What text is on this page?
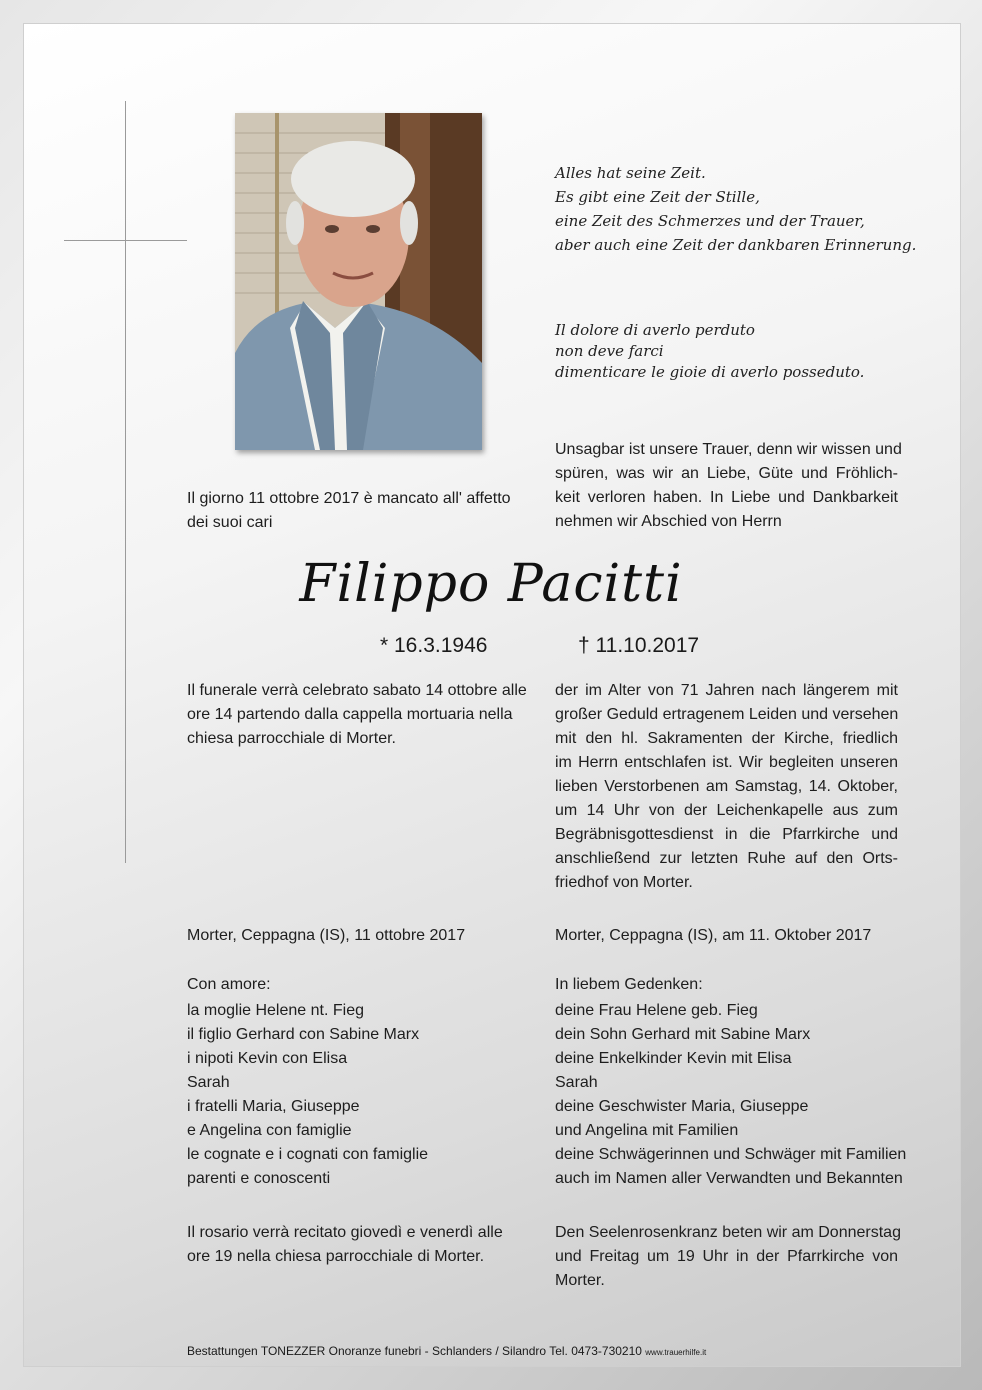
Alles hat seine Zeit.
Es gibt eine Zeit der Stille,
eine Zeit des Schmerzes und der Trauer,
aber auch eine Zeit der dankbaren Erinnerung.
Il dolore di averlo perduto
non deve farci
dimenticare le gioie di averlo posseduto.
Unsagbar ist unsere Trauer, denn wir wissen und
spüren, was wir an Liebe, Güte und Fröhlich-
keit verloren haben. In Liebe und Dankbarkeit
nehmen wir Abschied von Herrn
Il giorno 11 ottobre 2017 è mancato all' affetto
dei suoi cari
Filippo Pacitti
* 16.3.1946	† 11.10.2017
Il funerale verrà celebrato sabato 14 ottobre alle
ore 14 partendo dalla cappella mortuaria nella
chiesa parrocchiale di Morter.
der im Alter von 71 Jahren nach längerem mit
großer Geduld ertragenem Leiden und versehen
mit den hl. Sakramenten der Kirche, friedlich
im Herrn entschlafen ist. Wir begleiten unseren
lieben Verstorbenen am Samstag, 14. Oktober,
um 14 Uhr von der Leichenkapelle aus zum
Begräbnisgottesdienst in die Pfarrkirche und
anschließend zur letzten Ruhe auf den Orts-
friedhof von Morter.
Morter, Ceppagna (IS), 11 ottobre 2017	Morter, Ceppagna (IS), am 11. Oktober 2017
Con amore:
la moglie Helene nt. Fieg
il figlio Gerhard con Sabine Marx
i nipoti Kevin con Elisa
Sarah
i fratelli Maria, Giuseppe
e Angelina con famiglie
le cognate e i cognati con famiglie
parenti e conoscenti
In liebem Gedenken:
deine Frau Helene geb. Fieg
dein Sohn Gerhard mit Sabine Marx
deine Enkelkinder Kevin mit Elisa
Sarah
deine Geschwister Maria, Giuseppe
und Angelina mit Familien
deine Schwägerinnen und Schwäger mit Familien
auch im Namen aller Verwandten und Bekannten
Il rosario verrà recitato giovedì e venerdì alle
ore 19 nella chiesa parrocchiale di Morter.
Den Seelenrosenkranz beten wir am Donnerstag
und Freitag um 19 Uhr in der Pfarrkirche von
Morter.
Bestattungen TONEZZER Onoranze funebri - Schlanders / Silandro Tel. 0473-730210 www.trauerhilfe.it
